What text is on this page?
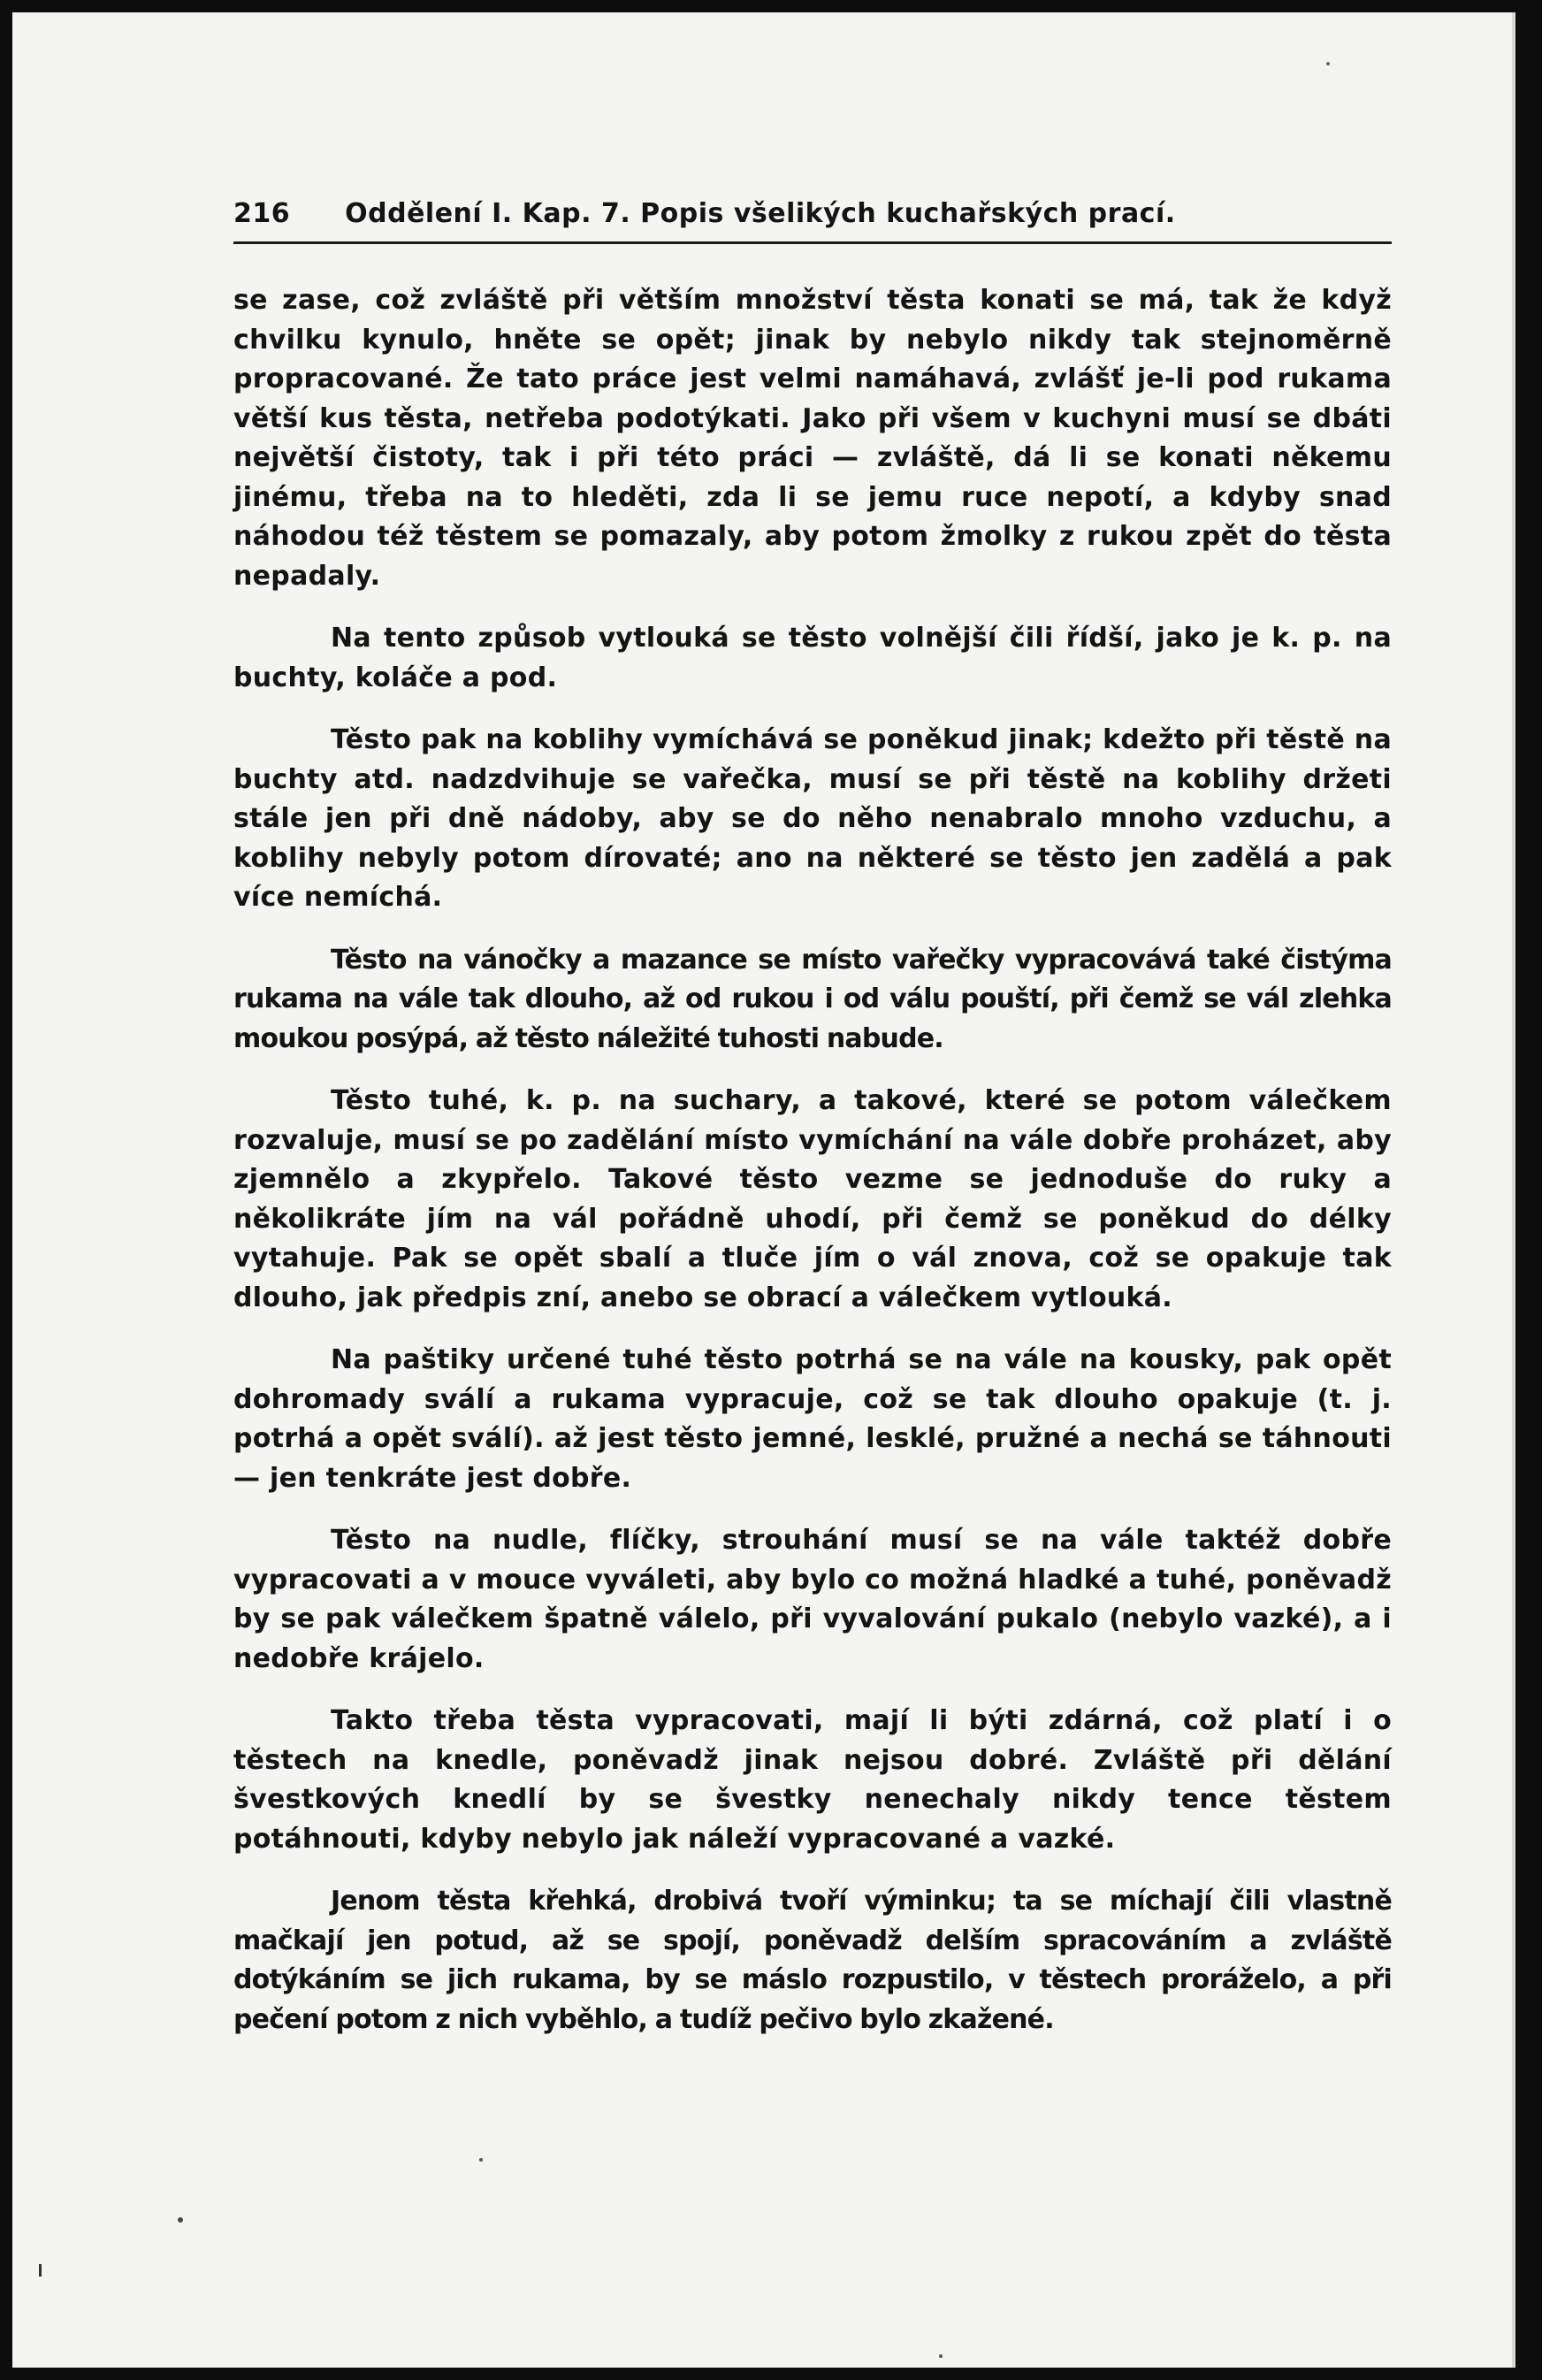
216 Oddělení I. Kap. 7. Popis všelikých kuchařských prací.

se zase, což zvláště při větším množství těsta konati se má, tak že když chvilku kynulo, hněte se opět; jinak by nebylo nikdy tak stejnoměrně propracované. Že tato práce jest velmi namáhavá, zvlášť je-li pod rukama větší kus těsta, netřeba podotýkati. Jako při všem v kuchyni musí se dbáti největší čistoty, tak i při této práci — zvláště, dá li se konati někemu jinému, třeba na to hleděti, zda li se jemu ruce nepotí, a kdyby snad náhodou též těstem se pomazaly, aby potom žmolky z rukou zpět do těsta nepadaly.

Na tento způsob vytlouká se těsto volnější čili řídší, jako je k. p. na buchty, koláče a pod.

Těsto pak na koblihy vymíchává se poněkud jinak; kdežto při těstě na buchty atd. nadzdvihuje se vařečka, musí se při těstě na koblihy držeti stále jen při dně nádoby, aby se do něho nenabralo mnoho vzduchu, a koblihy nebyly potom dírovaté; ano na některé se těsto jen zadělá a pak více nemíchá.

Těsto na vánočky a mazance se místo vařečky vypracovává také čistýma rukama na vále tak dlouho, až od rukou i od válu pouští, při čemž se vál zlehka moukou posýpá, až těsto náležité tuhosti nabude.

Těsto tuhé, k. p. na suchary, a takové, které se potom válečkem rozvaluje, musí se po zadělání místo vymíchání na vále dobře proházet, aby zjemnělo a zkypřelo. Takové těsto vezme se jednoduše do ruky a několikráte jím na vál pořádně uhodí, při čemž se poněkud do délky vytahuje. Pak se opět sbalí a tluče jím o vál znova, což se opakuje tak dlouho, jak předpis zní, anebo se obrací a válečkem vytlouká.

Na paštiky určené tuhé těsto potrhá se na vále na kousky, pak opět dohromady sválí a rukama vypracuje, což se tak dlouho opakuje (t. j. potrhá a opět sválí). až jest těsto jemné, lesklé, pružné a nechá se táhnouti — jen tenkráte jest dobře.

Těsto na nudle, flíčky, strouhání musí se na vále taktéž dobře vypracovati a v mouce vyváleti, aby bylo co možná hladké a tuhé, poněvadž by se pak válečkem špatně válelo, při vyvalování pukalo (nebylo vazké), a i nedobře krájelo.

Takto třeba těsta vypracovati, mají li býti zdárná, což platí i o těstech na knedle, poněvadž jinak nejsou dobré. Zvláště při dělání švestkových knedlí by se švestky nenechaly nikdy tence těstem potáhnouti, kdyby nebylo jak náleží vypracované a vazké.

Jenom těsta křehká, drobivá tvoří výminku; ta se míchají čili vlastně mačkají jen potud, až se spojí, poněvadž delším spracováním a zvláště dotýkáním se jich rukama, by se máslo rozpustilo, v těstech proráželo, a při pečení potom z nich vyběhlo, a tudíž pečivo bylo zkažené.
